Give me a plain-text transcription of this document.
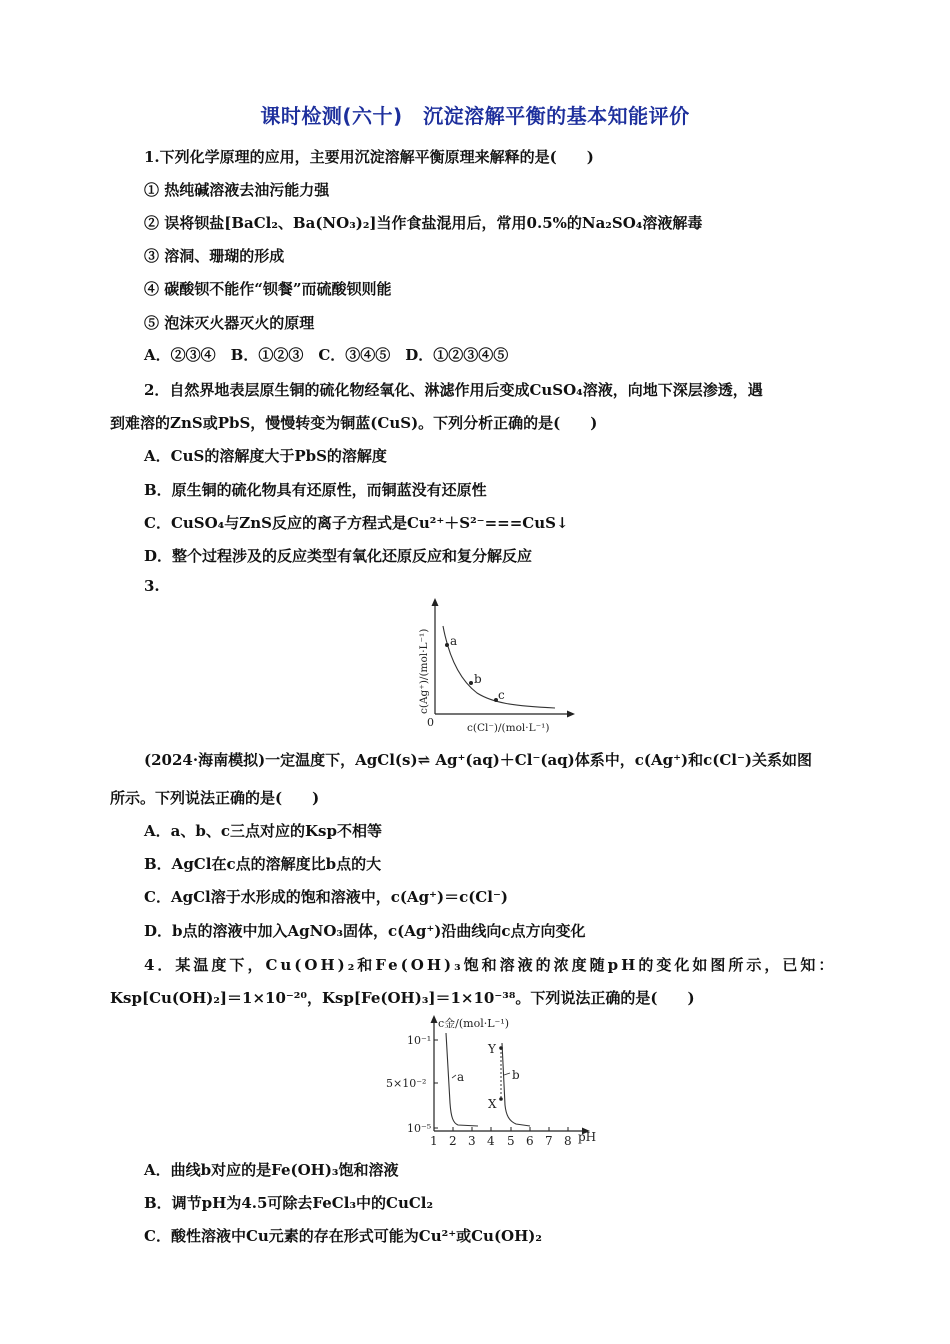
课时检测(六十)　沉淀溶解平衡的基本知能评价
1.下列化学原理的应用，主要用沉淀溶解平衡原理来解释的是(　　)
① 热纯碱溶液去油污能力强
② 误将钡盐[BaCl₂、Ba(NO₃)₂]当作食盐混用后，常用0.5%的Na₂SO₄溶液解毒
③ 溶洞、珊瑚的形成
④ 碳酸钡不能作“钡餐”而硫酸钡则能
⑤ 泡沫灭火器灭火的原理
A．②③④　B．①②③　C．③④⑤　D．①②③④⑤
2．自然界地表层原生铜的硫化物经氧化、淋滤作用后变成CuSO₄溶液，向地下深层渗透，遇
到难溶的ZnS或PbS，慢慢转变为铜蓝(CuS)。下列分析正确的是(　　)
A．CuS的溶解度大于PbS的溶解度
B．原生铜的硫化物具有还原性，而铜蓝没有还原性
C．CuSO₄与ZnS反应的离子方程式是Cu²⁺＋S²⁻===CuS↓
D．整个过程涉及的反应类型有氧化还原反应和复分解反应
3.
a
b
c
0
c(Ag⁺)/(mol·L⁻¹)
c(Cl⁻)/(mol·L⁻¹)
(2024·海南模拟)一定温度下，AgCl(s)⇌ Ag⁺(aq)＋Cl⁻(aq)体系中，c(Ag⁺)和c(Cl⁻)关系如图
所示。下列说法正确的是(　　)
A．a、b、c三点对应的Ksp不相等
B．AgCl在c点的溶解度比b点的大
C．AgCl溶于水形成的饱和溶液中，c(Ag⁺)＝c(Cl⁻)
D．b点的溶液中加入AgNO₃固体，c(Ag⁺)沿曲线向c点方向变化
4．某温度下，Cu(OH)₂和Fe(OH)₃饱和溶液的浓度随pH的变化如图所示，已知：
Ksp[Cu(OH)₂]＝1×10⁻²⁰，Ksp[Fe(OH)₃]＝1×10⁻³⁸。下列说法正确的是(　　)
10⁻¹
5×10⁻²
10⁻⁵
c金/(mol·L⁻¹)
1 2 3 4 5 6 7 8 pH
a	b
Y
X
A．曲线b对应的是Fe(OH)₃饱和溶液
B．调节pH为4.5可除去FeCl₃中的CuCl₂
C．酸性溶液中Cu元素的存在形式可能为Cu²⁺或Cu(OH)₂
